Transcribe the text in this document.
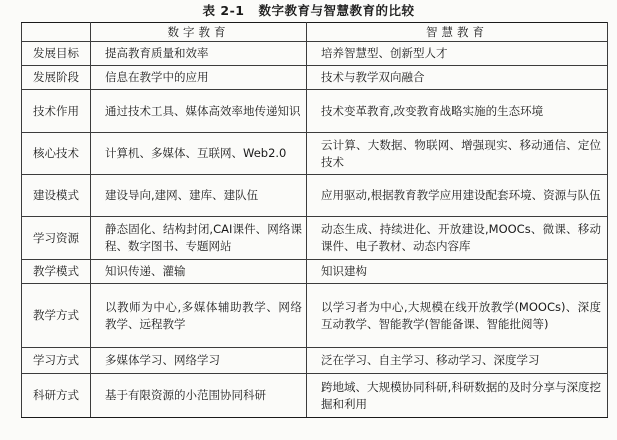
表 2-1 数字教育与智慧教育的比较
	数字教育	智慧教育
发展目标	提高教育质量和效率	培养智慧型、创新型人才

发展阶段	信息在教学中的应用	技术与教学双向融合

技术作用	通过技术工具、媒体高效率地传递知识	技术变革教育,改变教育战略实施的生态环境

核心技术	计算机、多媒体、互联网、Web2.0	云计算、大数据、物联网、增强现实、移动通信、定位技术

建设模式	建设导向,建网、建库、建队伍	应用驱动,根据教育教学应用建设配套环境、资源与队伍

学习资源	静态固化、结构封闭,CAI课件、网络课程、数字图书、专题网站	动态生成、持续进化、开放建设,MOOCs、微课、移动课件、电子教材、动态内容库

教学模式	知识传递、灌输	知识建构

教学方式	以教师为中心,多媒体辅助教学、网络教学、远程教学	以学习者为中心,大规模在线开放教学(MOOCs)、深度互动教学、智能教学(智能备课、智能批阅等)

学习方式	多媒体学习、网络学习	泛在学习、自主学习、移动学习、深度学习

科研方式	基于有限资源的小范围协同科研	跨地域、大规模协同科研,科研数据的及时分享与深度挖掘和利用
